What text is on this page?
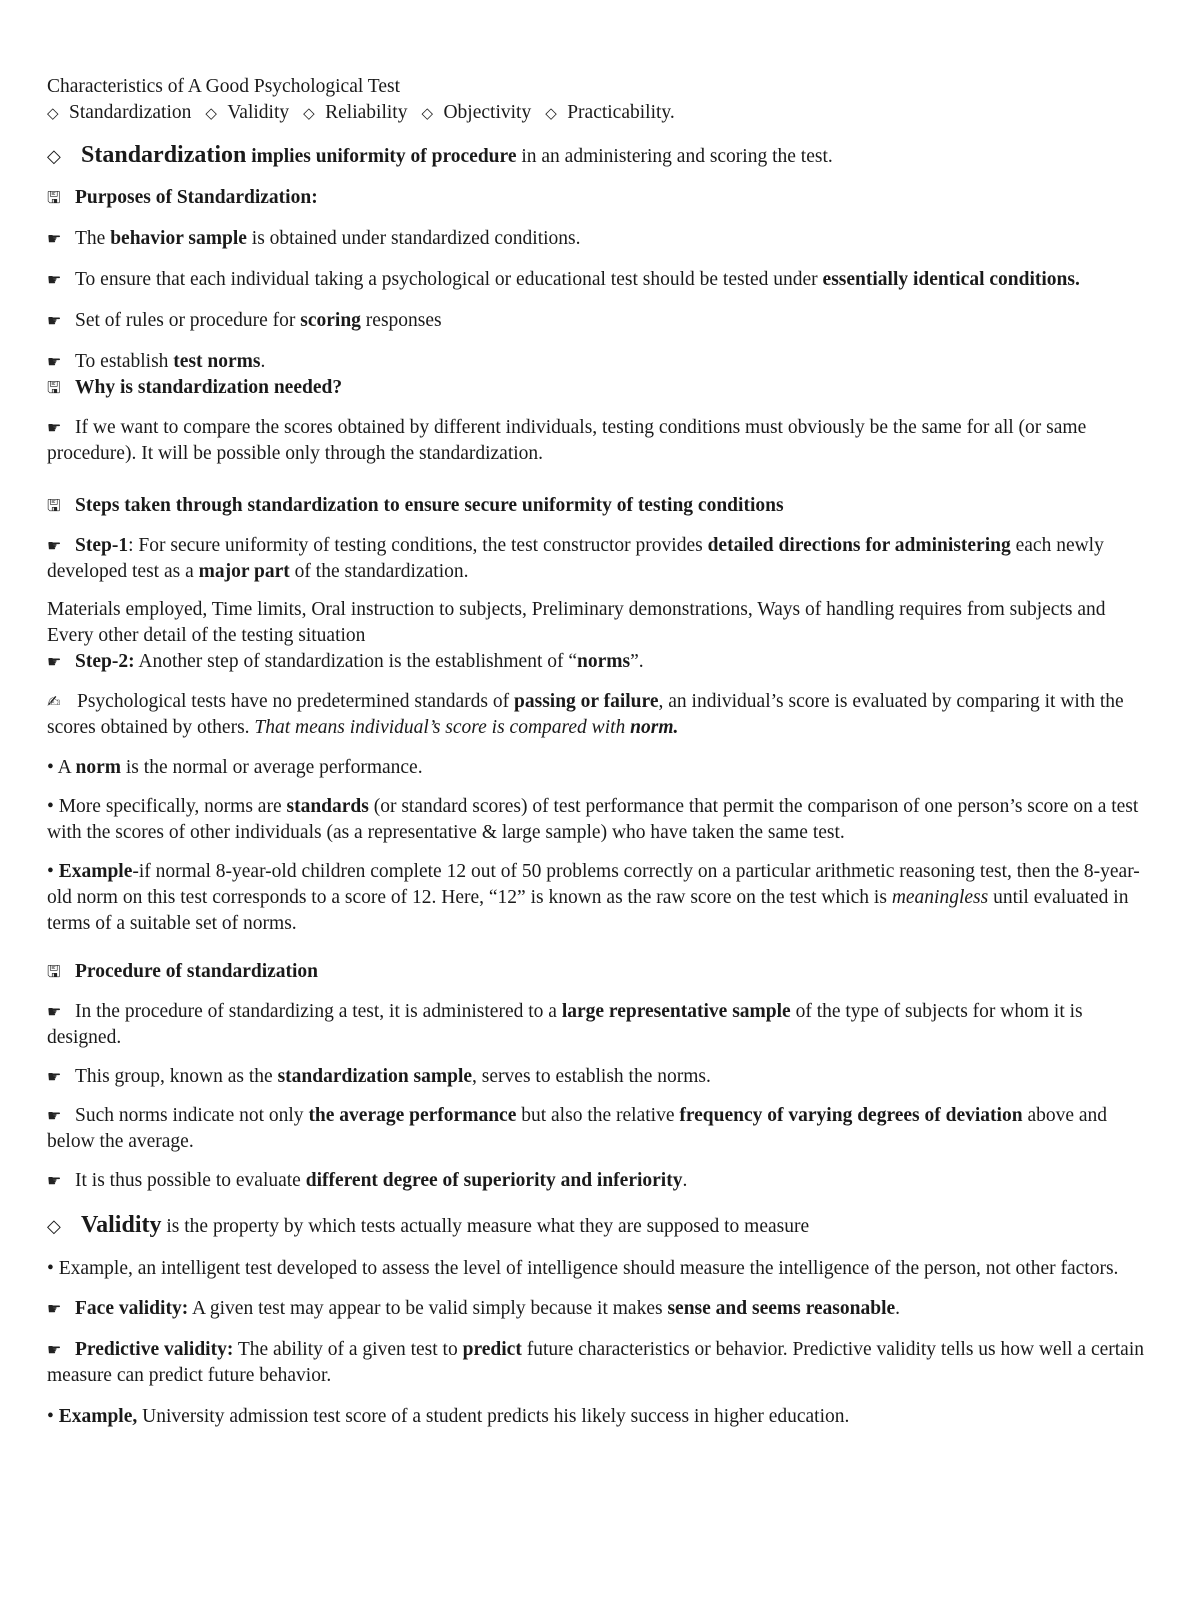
Characteristics of A Good Psychological Test

◇ Standardization ◇ Validity ◇ Reliability ◇ Objectivity ◇ Practicability.

◇ Standardization implies uniformity of procedure in an administering and scoring the test.

🖫 Purposes of Standardization:

☛ The behavior sample is obtained under standardized conditions.

☛ To ensure that each individual taking a psychological or educational test should be tested under essentially identical conditions.

☛ Set of rules or procedure for scoring responses

☛ To establish test norms.

🖫 Why is standardization needed?

☛ If we want to compare the scores obtained by different individuals, testing conditions must obviously be the same for all (or same procedure). It will be possible only through the standardization.

🖫 Steps taken through standardization to ensure secure uniformity of testing conditions

☛ Step-1: For secure uniformity of testing conditions, the test constructor provides detailed directions for administering each newly developed test as a major part of the standardization.

Materials employed, Time limits, Oral instruction to subjects, Preliminary demonstrations, Ways of handling requires from subjects and Every other detail of the testing situation

☛ Step-2: Another step of standardization is the establishment of “norms”.

✍ Psychological tests have no predetermined standards of passing or failure, an individual’s score is evaluated by comparing it with the scores obtained by others. That means individual’s score is compared with norm.

• A norm is the normal or average performance.

• More specifically, norms are standards (or standard scores) of test performance that permit the comparison of one person’s score on a test with the scores of other individuals (as a representative & large sample) who have taken the same test.

• Example-if normal 8-year-old children complete 12 out of 50 problems correctly on a particular arithmetic reasoning test, then the 8-year-old norm on this test corresponds to a score of 12. Here, “12” is known as the raw score on the test which is meaningless until evaluated in terms of a suitable set of norms.

🖫 Procedure of standardization

☛ In the procedure of standardizing a test, it is administered to a large representative sample of the type of subjects for whom it is designed.

☛ This group, known as the standardization sample, serves to establish the norms.

☛ Such norms indicate not only the average performance but also the relative frequency of varying degrees of deviation above and below the average.

☛ It is thus possible to evaluate different degree of superiority and inferiority.

◇ Validity is the property by which tests actually measure what they are supposed to measure

• Example, an intelligent test developed to assess the level of intelligence should measure the intelligence of the person, not other factors.

☛ Face validity: A given test may appear to be valid simply because it makes sense and seems reasonable.

☛ Predictive validity: The ability of a given test to predict future characteristics or behavior. Predictive validity tells us how well a certain measure can predict future behavior.

• Example, University admission test score of a student predicts his likely success in higher education.
